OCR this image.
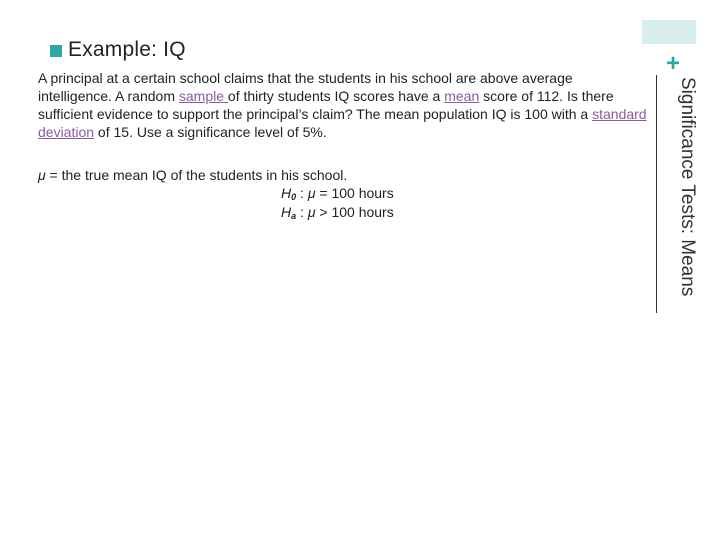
+
Significance Tests: Means
Example: IQ
A principal at a certain school claims that the students in his school are above average intelligence. A random sample of thirty students IQ scores have a mean score of 112. Is there sufficient evidence to support the principal’s claim? The mean population IQ is 100 with a standard deviation of 15. Use a significance level of 5%.
μ = the true mean IQ of the students in his school.
$H_0$ : μ = 100 hours
$H_a$ : μ > 100 hours
